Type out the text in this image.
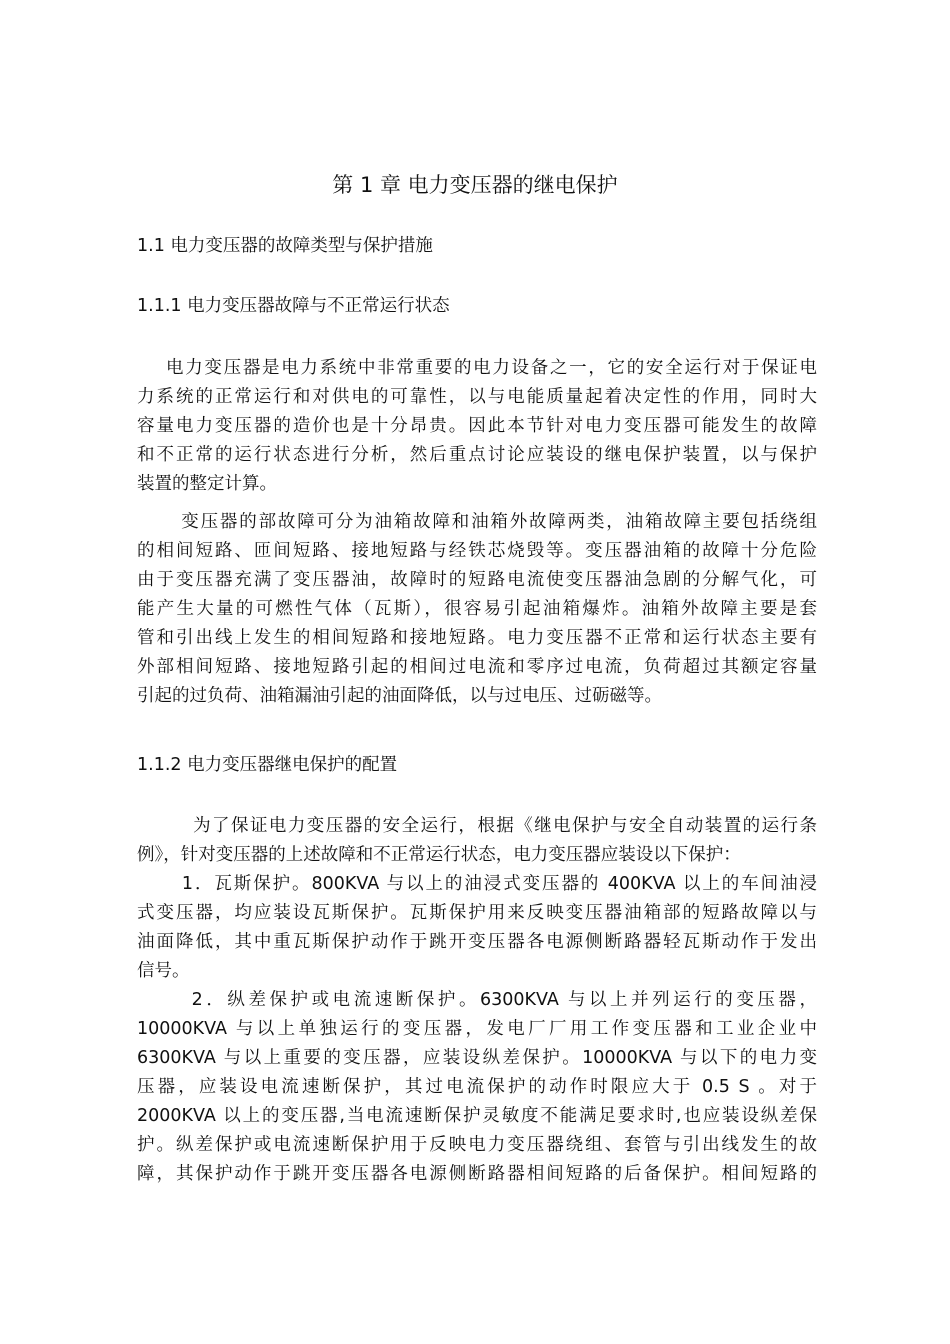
第 1 章 电力变压器的继电保护
1.1 电力变压器的故障类型与保护措施
1.1.1 电力变压器故障与不正常运行状态
电力变压器是电力系统中非常重要的电力设备之一，它的安全运行对于保证电
力系统的正常运行和对供电的可靠性，以与电能质量起着决定性的作用，同时大
容量电力变压器的造价也是十分昂贵。因此本节针对电力变压器可能发生的故障
和不正常的运行状态进行分析，然后重点讨论应装设的继电保护装置，以与保护
装置的整定计算。
变压器的部故障可分为油箱故障和油箱外故障两类，油箱故障主要包括绕组
的相间短路、匝间短路、接地短路与经铁芯烧毁等。变压器油箱的故障十分危险
由于变压器充满了变压器油，故障时的短路电流使变压器油急剧的分解气化，可
能产生大量的可燃性气体（瓦斯），很容易引起油箱爆炸。油箱外故障主要是套
管和引出线上发生的相间短路和接地短路。电力变压器不正常和运行状态主要有
外部相间短路、接地短路引起的相间过电流和零序过电流，负荷超过其额定容量
引起的过负荷、油箱漏油引起的油面降低，以与过电压、过砺磁等。
1.1.2 电力变压器继电保护的配置
为了保证电力变压器的安全运行，根据《继电保护与安全自动装置的运行条
例》，针对变压器的上述故障和不正常运行状态，电力变压器应装设以下保护：
1．瓦斯保护。800KVA 与以上的油浸式变压器的 400KVA 以上的车间油浸
式变压器，均应装设瓦斯保护。瓦斯保护用来反映变压器油箱部的短路故障以与
油面降低，其中重瓦斯保护动作于跳开变压器各电源侧断路器轻瓦斯动作于发出
信号。
2．纵差保护或电流速断保护。6300KVA 与以上并列运行的变压器，
10000KVA 与以上单独运行的变压器，发电厂厂用工作变压器和工业企业中
6300KVA 与以上重要的变压器，应装设纵差保护。10000KVA 与以下的电力变
压器，应装设电流速断保护，其过电流保护的动作时限应大于 0.5 S 。对于
2000KVA 以上的变压器,当电流速断保护灵敏度不能满足要求时,也应装设纵差保
护。纵差保护或电流速断保护用于反映电力变压器绕组、套管与引出线发生的故
障，其保护动作于跳开变压器各电源侧断路器相间短路的后备保护。相间短路的
